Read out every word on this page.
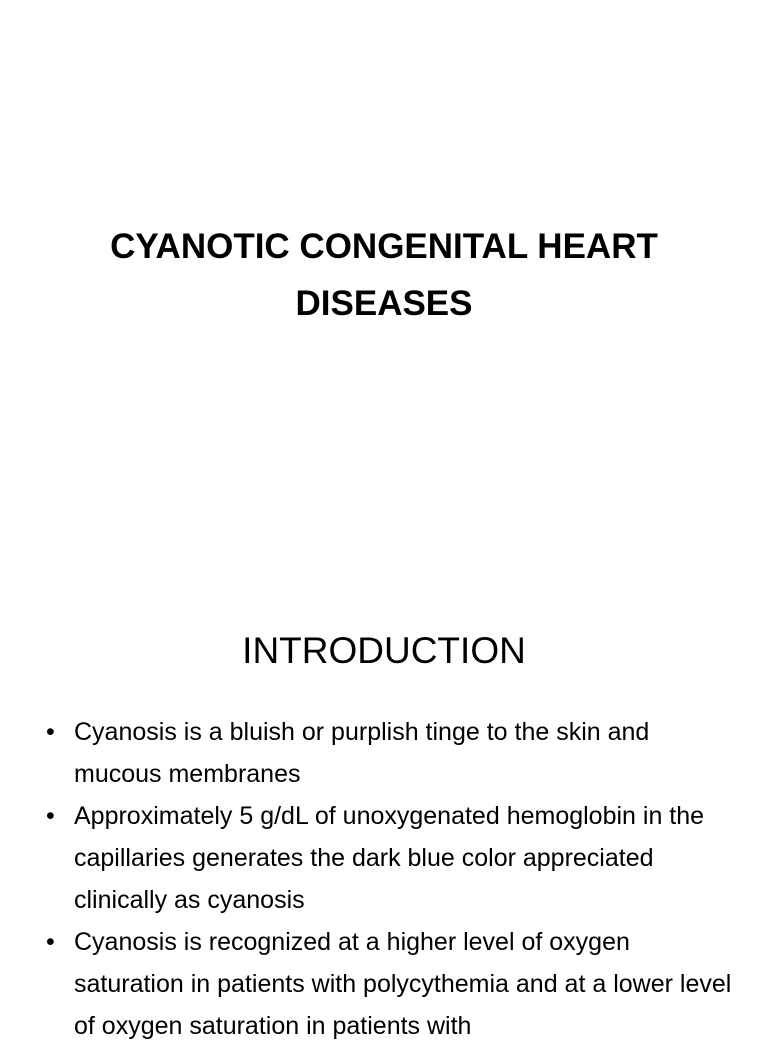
CYANOTIC CONGENITAL HEART
DISEASES
INTRODUCTION
• Cyanosis is a bluish or purplish tinge to the skin and mucous membranes
• Approximately 5 g/dL of unoxygenated hemoglobin in the capillaries generates the dark blue color appreciated clinically as cyanosis
• Cyanosis is recognized at a higher level of oxygen saturation in patients with polycythemia and at a lower level of oxygen saturation in patients with
